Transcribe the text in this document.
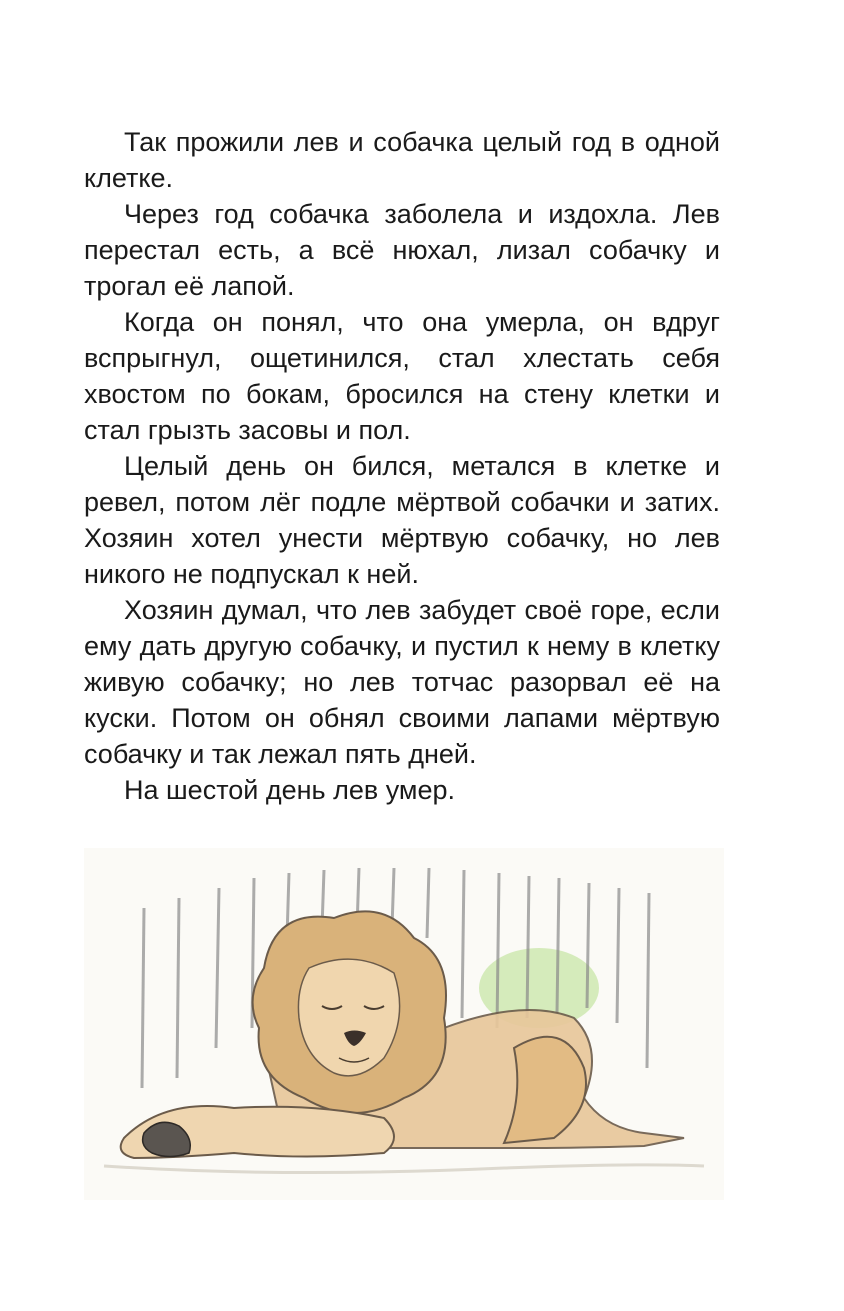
Так прожили лев и собачка целый год в одной клетке.

Через год собачка заболела и издохла. Лев перестал есть, а всё нюхал, лизал собачку и трогал её лапой.

Когда он понял, что она умерла, он вдруг вспрыгнул, ощетинился, стал хлестать себя хвостом по бокам, бросился на стену клетки и стал грызть засовы и пол.

Целый день он бился, метался в клетке и ревел, потом лёг подле мёртвой собачки и затих. Хозяин хотел унести мёртвую собачку, но лев никого не подпускал к ней.

Хозяин думал, что лев забудет своё горе, если ему дать другую собачку, и пустил к нему в клетку живую собачку; но лев тотчас разорвал её на куски. Потом он обнял своими лапами мёртвую собачку и так лежал пять дней.

На шестой день лев умер.
